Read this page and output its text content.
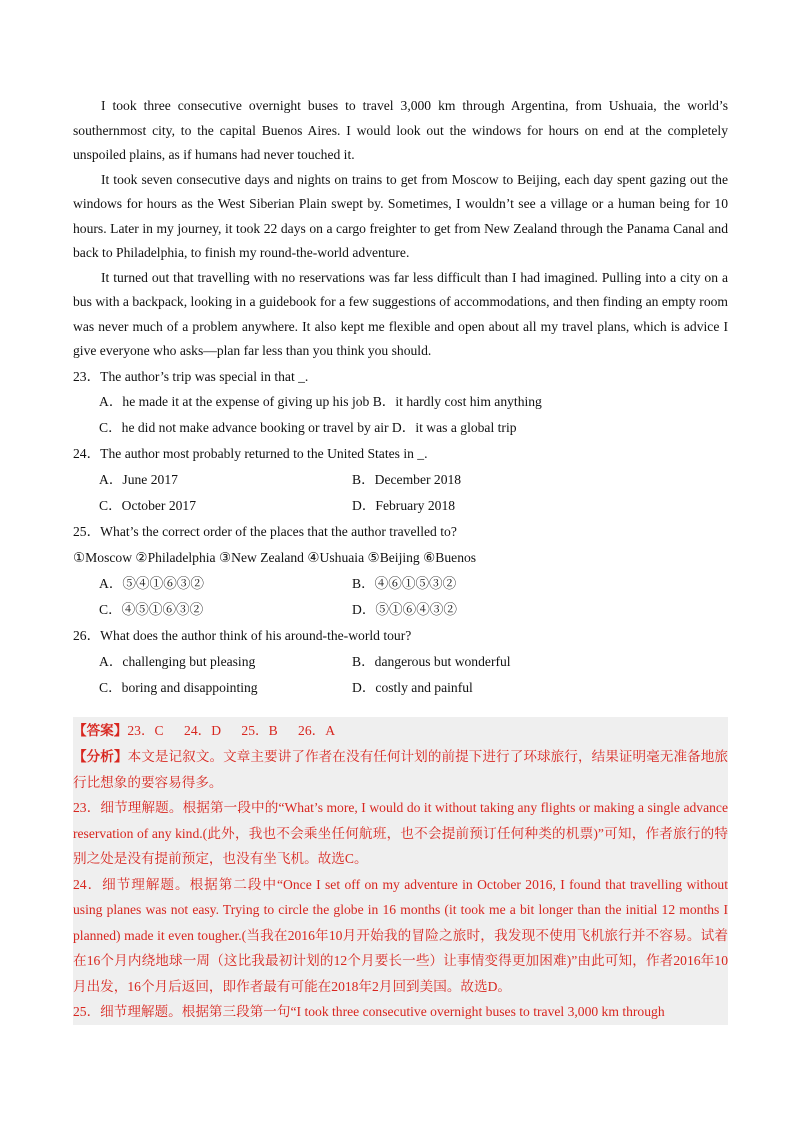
I took three consecutive overnight buses to travel 3,000 km through Argentina, from Ushuaia, the world’s southernmost city, to the capital Buenos Aires. I would look out the windows for hours on end at the completely unspoiled plains, as if humans had never touched it.

It took seven consecutive days and nights on trains to get from Moscow to Beijing, each day spent gazing out the windows for hours as the West Siberian Plain swept by. Sometimes, I wouldn’t see a village or a human being for 10 hours. Later in my journey, it took 22 days on a cargo freighter to get from New Zealand through the Panama Canal and back to Philadelphia, to finish my round-the-world adventure.

It turned out that travelling with no reservations was far less difficult than I had imagined. Pulling into a city on a bus with a backpack, looking in a guidebook for a few suggestions of accommodations, and then finding an empty room was never much of a problem anywhere. It also kept me flexible and open about all my travel plans, which is advice I give everyone who asks—plan far less than you think you should.

23．The author’s trip was special in that _.

A．he made it at the expense of giving up his job B．it hardly cost him anything
C．he did not make advance booking or travel by air D．it was a global trip

24．The author most probably returned to the United States in _.

A．June 2017	B．December 2018
C．October 2017	D．February 2018

25．What’s the correct order of the places that the author travelled to?

①Moscow ②Philadelphia ③New Zealand ④Ushuaia ⑤Beijing ⑥Buenos

A．⑤④①⑥③②	B．④⑥①⑤③②
C．④⑤①⑥③②	D．⑤①⑥④③②

26．What does the author think of his around-the-world tour?

A．challenging but pleasing	B．dangerous but wonderful
C．boring and disappointing	D．costly and painful

【答案】23．C      24．D      25．B      26．A

【分析】本文是记叙文。文章主要讲了作者在没有任何计划的前提下进行了环球旅行，结果证明毫无准备地旅行比想象的要容易得多。

23．细节理解题。根据第一段中的“What’s more, I would do it without taking any flights or making a single advance reservation of any kind.(此外，我也不会乘坐任何航班，也不会提前预订任何种类的机票)”可知，作者旅行的特别之处是没有提前预定，也没有坐飞机。故选C。

24．细节理解题。根据第二段中“Once I set off on my adventure in October 2016, I found that travelling without using planes was not easy. Trying to circle the globe in 16 months (it took me a bit longer than the initial 12 months I planned) made it even tougher.(当我在2016年10月开始我的冒险之旅时，我发现不使用飞机旅行并不容易。试着在16个月内绕地球一周（这比我最初计划的12个月要长一些）让事情变得更加困难)”由此可知，作者2016年10月出发，16个月后返回，即作者最有可能在2018年2月回到美国。故选D。

25．细节理解题。根据第三段第一句“I took three consecutive overnight buses to travel 3,000 km through
